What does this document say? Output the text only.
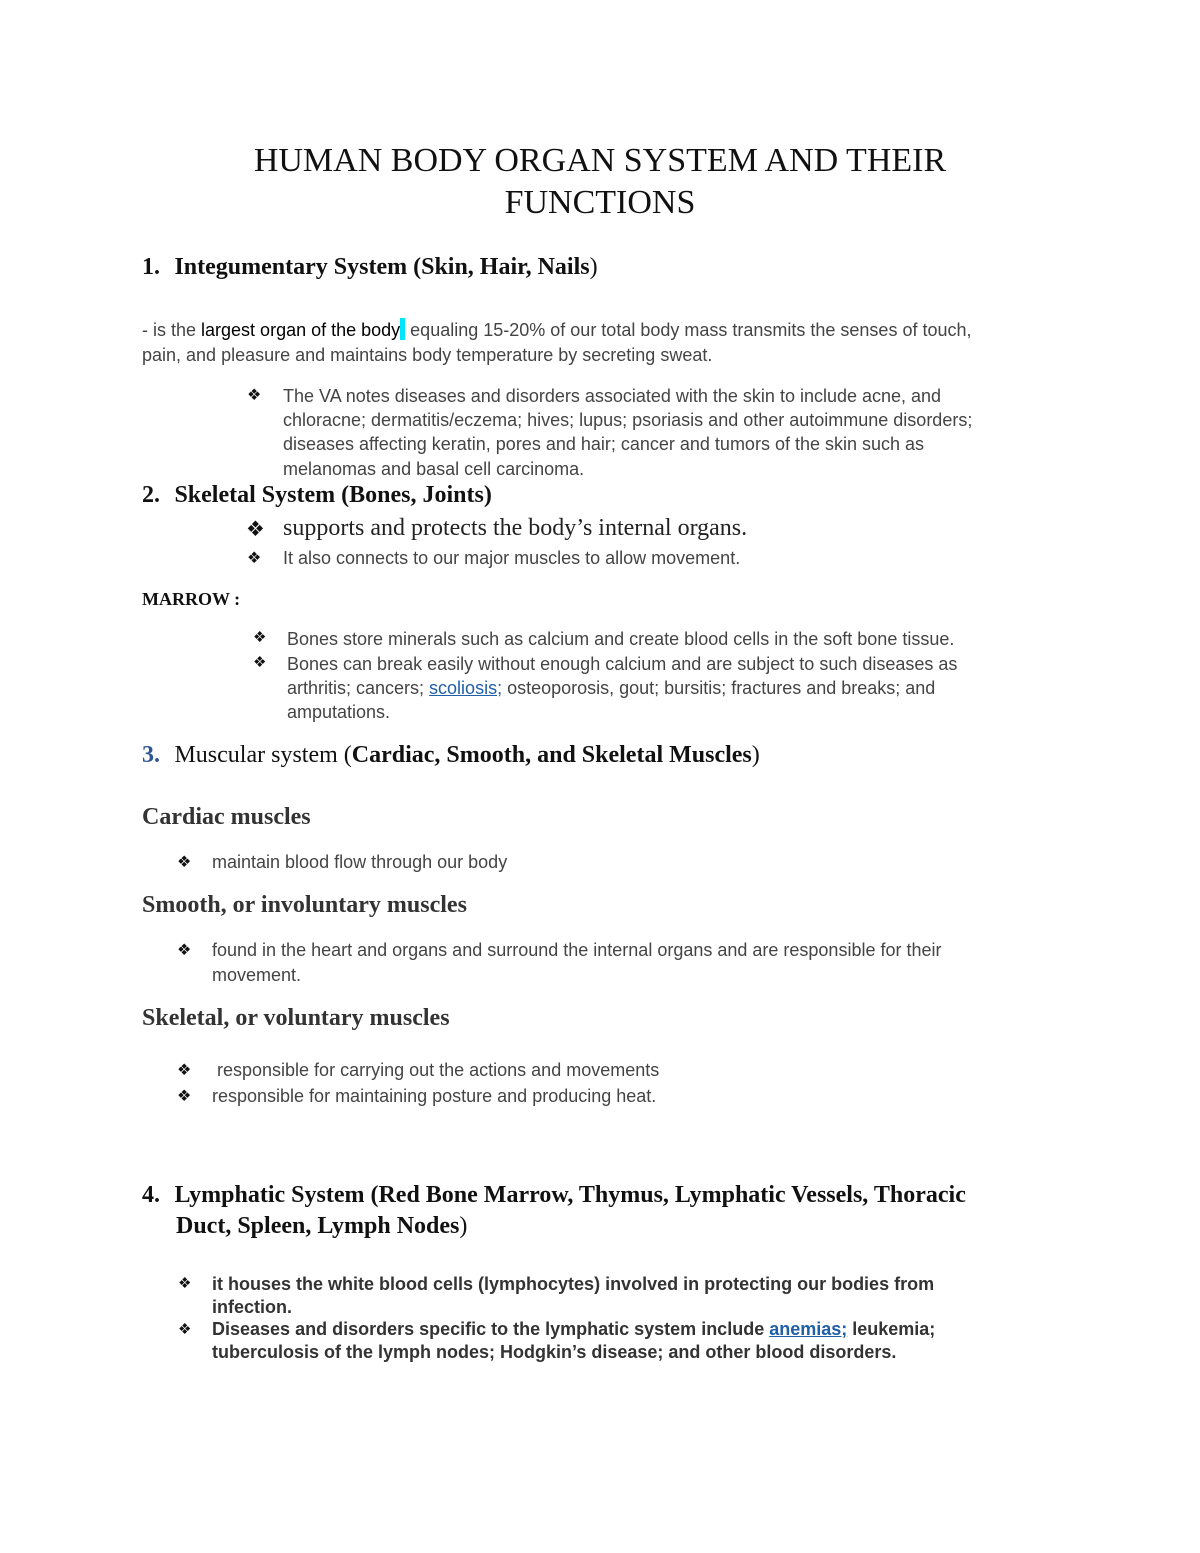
HUMAN BODY ORGAN SYSTEM AND THEIR
FUNCTIONS
1. Integumentary System (Skin, Hair, Nails)
- is the largest organ of the body equaling 15-20% of our total body mass transmits the senses of touch,
pain, and pleasure and maintains body temperature by secreting sweat.
❖ The VA notes diseases and disorders associated with the skin to include acne, and
chloracne; dermatitis/eczema; hives; lupus; psoriasis and other autoimmune disorders;
diseases affecting keratin, pores and hair; cancer and tumors of the skin such as
melanomas and basal cell carcinoma.
2. Skeletal System (Bones, Joints)
❖ supports and protects the body’s internal organs.
❖ It also connects to our major muscles to allow movement.
MARROW :
❖ Bones store minerals such as calcium and create blood cells in the soft bone tissue.
❖ Bones can break easily without enough calcium and are subject to such diseases as
arthritis; cancers; scoliosis; osteoporosis, gout; bursitis; fractures and breaks; and
amputations.
3. Muscular system (Cardiac, Smooth, and Skeletal Muscles)
Cardiac muscles
❖ maintain blood flow through our body
Smooth, or involuntary muscles
❖ found in the heart and organs and surround the internal organs and are responsible for their
movement.
Skeletal, or voluntary muscles
❖ responsible for carrying out the actions and movements
❖ responsible for maintaining posture and producing heat.
4. Lymphatic System (Red Bone Marrow, Thymus, Lymphatic Vessels, Thoracic
Duct, Spleen, Lymph Nodes)
❖ it houses the white blood cells (lymphocytes) involved in protecting our bodies from
infection.
❖ Diseases and disorders specific to the lymphatic system include anemias; leukemia;
tuberculosis of the lymph nodes; Hodgkin’s disease; and other blood disorders.
